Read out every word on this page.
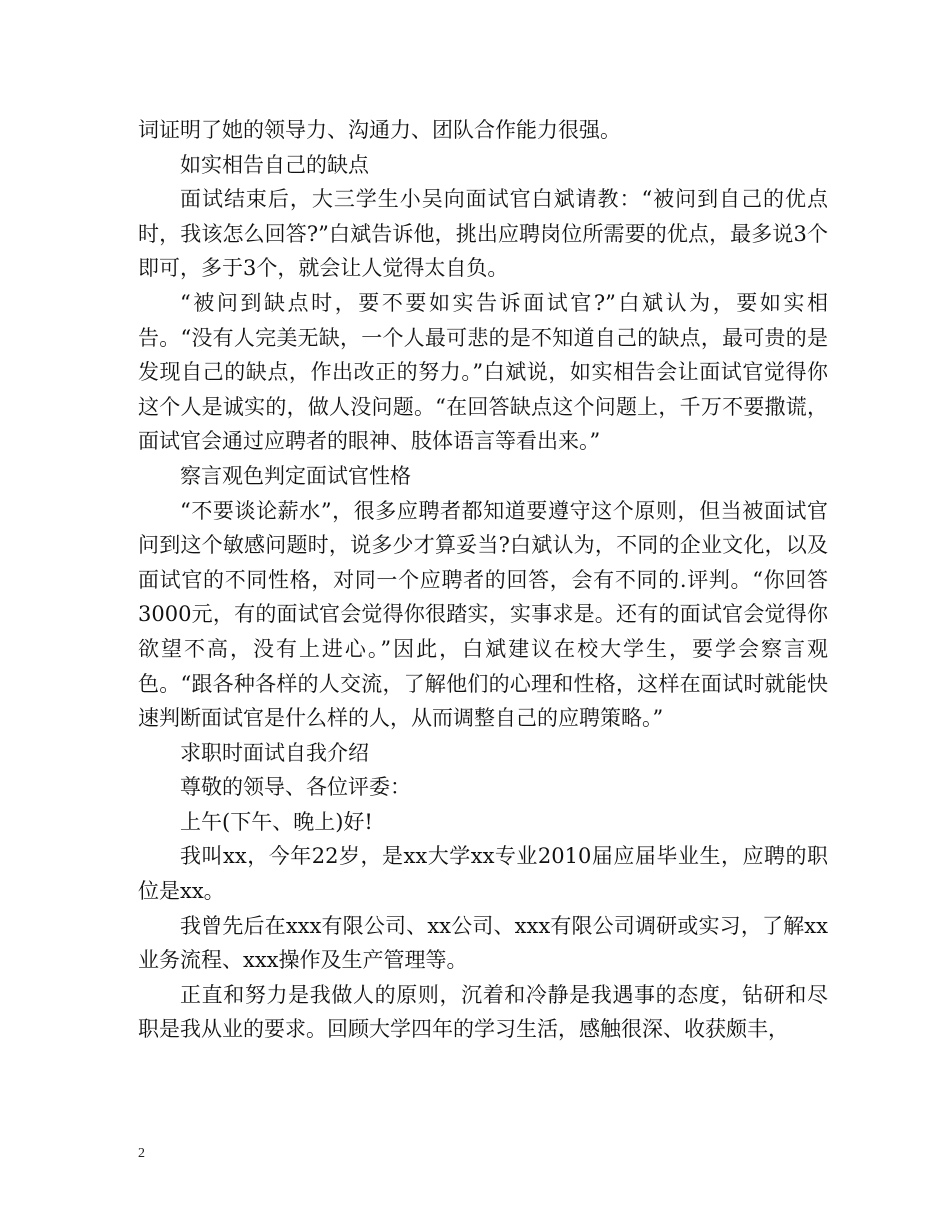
词证明了她的领导力、沟通力、团队合作能力很强。

如实相告自己的缺点

面试结束后，大三学生小吴向面试官白斌请教：“被问到自己的优点时，我该怎么回答?”白斌告诉他，挑出应聘岗位所需要的优点，最多说3个即可，多于3个，就会让人觉得太自负。

“被问到缺点时，要不要如实告诉面试官?”白斌认为，要如实相告。“没有人完美无缺，一个人最可悲的是不知道自己的缺点，最可贵的是发现自己的缺点，作出改正的努力。”白斌说，如实相告会让面试官觉得你这个人是诚实的，做人没问题。“在回答缺点这个问题上，千万不要撒谎，面试官会通过应聘者的眼神、肢体语言等看出来。”

察言观色判定面试官性格

“不要谈论薪水”，很多应聘者都知道要遵守这个原则，但当被面试官问到这个敏感问题时，说多少才算妥当?白斌认为，不同的企业文化，以及面试官的不同性格，对同一个应聘者的回答，会有不同的.评判。“你回答3000元，有的面试官会觉得你很踏实，实事求是。还有的面试官会觉得你欲望不高，没有上进心。”因此，白斌建议在校大学生，要学会察言观色。“跟各种各样的人交流，了解他们的心理和性格，这样在面试时就能快速判断面试官是什么样的人，从而调整自己的应聘策略。”

求职时面试自我介绍

尊敬的领导、各位评委：

上午(下午、晚上)好!

我叫xx，今年22岁，是xx大学xx专业2010届应届毕业生，应聘的职位是xx。

我曾先后在xxx有限公司、xx公司、xxx有限公司调研或实习，了解xx业务流程、xxx操作及生产管理等。

正直和努力是我做人的原则，沉着和冷静是我遇事的态度，钻研和尽职是我从业的要求。回顾大学四年的学习生活，感触很深、收获颇丰，

2
